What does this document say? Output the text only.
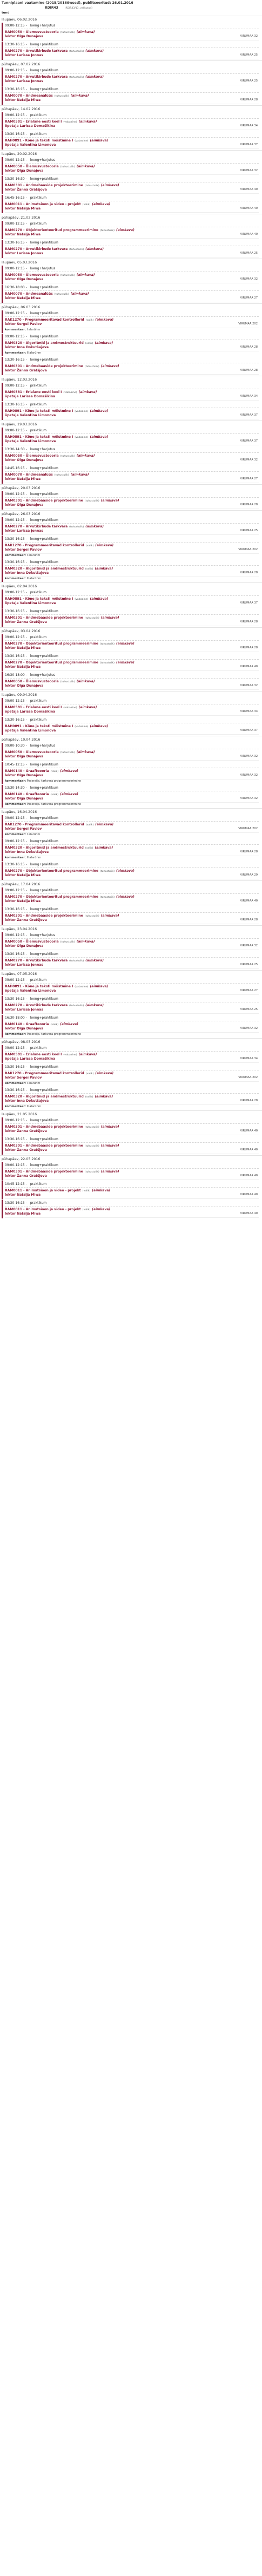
Tunniplaani vaatamine (2015/2016õwsed), publitseeritud: 26.01.2016
RDIR43	(RDIR43/13, valikutud)
tund
laupäev, 06.02.2016
09:00-12:15 - loeng+harjutus
RAM0050 - Ülemusvusteooria (tuhustulik) (aimkava)
lektor Olga Dunajeva	VIRUMAA 32
13:30-16:15 - loeng+praktikum
RAM0270 - Arvutikirbude tarkvara (tuhustulik) (aimkava)
lektor Larissa Jonnas	VIRUMAA 25
pühapäev, 07.02.2016
09:00-12:15 - loeng+praktikum
RAM0270 - Arvutikirbude tarkvara (tuhustulik) (aimkava)
lektor Larissa Jonnas	VIRUMAA 25
13:30-16:15 - loeng+praktikum
RAM0070 - Andmeanalüüs (tuhustulik) (aimkava)
lektor Natalja Miwa	VIRUMAA 28
pühapäev, 14.02.2016
09:00-12:15 - praktikum
RAM0581 - Erialane eesti keel I (vabaaine) (aimkava)
õpetaja Larissa Domašikina	VIRUMAA 34
13:30-16:15 - praktikum
RAH0891 - Kõne ja teksti mõistmine I (vabaaine) (aimkava)
õpetaja Valentina Limonova	VIRUMAA 37
laupäev, 20.02.2016
09:00-12:15 - loeng+harjutus
RAM0050 - Ülemusvusteooria (tuhustulik) (aimkava)
lektor Olga Dunajeva	VIRUMAA 32
13:30-16:30 - loeng+praktikum
RAM0301 - Andmebaaside projekteerimine (tuhustulik) (aimkava)
lektor Žanna Gratšjova	VIRUMAA 40
16:45-16:15 - praktikum
RAM0011 - Animatsioon ja video - projekt (valik) (aimkava)
lektor Natalja Miwa	VIRUMAA 40
pühapäev, 21.02.2016
09:00-12:15 - praktikum
RAM0270 - Objektorienteeritud programmeerimine (tuhustulik) (aimkava)
lektor Natalja Miwa	VIRUMAA 40
13:30-16:15 - loeng+praktikum
RAM0270 - Arvutikirbude tarkvara (tuhustulik) (aimkava)
lektor Larissa Jonnas	VIRUMAA 25
laupäev, 05.03.2016
09:00-12:15 - loeng+harjutus
RAM0050 - Ülemusvusteooria (tuhustulik) (aimkava)
lektor Olga Dunajeva	VIRUMAA 32
16:30-18:00 - loeng+praktikum
RAM0070 - Andmeanalüüs (tuhustulik) (aimkava)
lektor Natalja Miwa	VIRUMAA 27
pühapäev, 06.03.2016
09:00-12:15 - loeng+praktikum
RAK1270 - Programmeeritavad kontrollerid (valik) (aimkava)
lektor Sergei Pavlov	VIRUMAA 202
kommentaar: I alarühm
09:00-12:15 - loeng+praktikum
RAM0320 - Algoritmid ja andmestruktuurid (valik) (aimkava)
lektor Inna Dokutšajeva	VIRUMAA 28
kommentaar: II alarühm
13:30-16:15 - loeng+praktikum
RAM0301 - Andmebaaside projekteerimine (tuhustulik) (aimkava)
lektor Žanna Gratšjova	VIRUMAA 28
laupäev, 12.03.2016
09:00-12:15 - praktikum
RAM0581 - Erialane eesti keel I (vabaaine) (aimkava)
õpetaja Larissa Domašikina	VIRUMAA 34
13:30-16:15 - praktikum
RAH0891 - Kõne ja teksti mõistmine I (vabaaine) (aimkava)
õpetaja Valentina Limonova	VIRUMAA 37
laupäev, 19.03.2016
09:00-12:15 - praktikum
RAH0891 - Kõne ja teksti mõistmine I (vabaaine) (aimkava)
õpetaja Valentina Limonova	VIRUMAA 37
13:30-14:30 - loeng+harjutus
RAM0050 - Ülemusvusteooria (tuhustulik) (aimkava)
lektor Olga Dunajeva	VIRUMAA 32
14:45-16:15 - loeng+praktikum
RAM0070 - Andmeanalüüs (tuhustulik) (aimkava)
lektor Natalja Miwa	VIRUMAA 27
pühapäev, 20.03.2016
09:00-12:15 - loeng+praktikum
RAM0301 - Andmebaaside projekteerimine (tuhustulik) (aimkava)
lektor Olga Dunajeva	VIRUMAA 28
pühapäev, 26.03.2016
09:00-12:15 - loeng+praktikum
RAM0270 - Arvutikirbude tarkvara (tuhustulik) (aimkava)
lektor Larissa Jonnas	VIRUMAA 25
13:30-16:15 - loeng+praktikum
RAK1270 - Programmeeritavad kontrollerid (valik) (aimkava)
lektor Sergei Pavlov	VIRUMAA 202
kommentaar: I alarühm
13:30-16:15 - loeng+praktikum
RAM0320 - Algoritmid ja andmestruktuurid (valik) (aimkava)
lektor Inna Dokutšajeva	VIRUMAA 28
kommentaar: II alarühm
laupäev, 02.04.2016
09:00-12:15 - praktikum
RAH0891 - Kõne ja teksti mõistmine I (vabaaine) (aimkava)
õpetaja Valentina Limonova	VIRUMAA 37
13:30-16:15 - loeng+praktikum
RAM0301 - Andmebaaside projekteerimine (tuhustulik) (aimkava)
lektor Žanna Gratšjova	VIRUMAA 28
pühapäev, 03.04.2016
09:00-12:15 - praktikum
RAM0270 - Objektorienteeritud programmeerimine (tuhustulik) (aimkava)
lektor Natalja Miwa	VIRUMAA 28
13:30-16:15 - loeng+praktikum
RAM0270 - Objektorienteeritud programmeerimine (tuhustulik) (aimkava)
lektor Natalja Miwa	VIRUMAA 40
16:30-18:00 - loeng+harjutus
RAM0050 - Ülemusvusteooria (tuhustulik) (aimkava)
lektor Olga Dunajeva	VIRUMAA 32
laupäev, 09.04.2016
09:00-12:15 - praktikum
RAM0581 - Erialane eesti keel I (vabaaine) (aimkava)
õpetaja Larissa Domašikina	VIRUMAA 34
13:30-16:15 - praktikum
RAH0891 - Kõne ja teksti mõistmine I (vabaaine) (aimkava)
õpetaja Valentina Limonova	VIRUMAA 37
pühapäev, 10.04.2016
09:00-10:30 - loeng+harjutus
RAM0050 - Ülemusvusteooria (tuhustulik) (aimkava)
lektor Olga Dunajeva	VIRUMAA 32
10:45-12:15 - loeng+praktikum
RAM0140 - Graafteooria (valik) (aimkava)
lektor Olga Dunajeva	VIRUMAA 32
kommentaar: Paseraija. tarkvara programmeerimine
13:30-14:30 - loeng+praktikum
RAM0140 - Graafteooria (valik) (aimkava)
lektor Olga Dunajeva	VIRUMAA 32
kommentaar: Paseraija. tarkvara programmeerimine
laupäev, 16.04.2016
09:00-12:15 - loeng+praktikum
RAK1270 - Programmeeritavad kontrollerid (valik) (aimkava)
lektor Sergei Pavlov	VIRUMAA 202
kommentaar: I alarühm
09:00-12:15 - loeng+praktikum
RAM0320 - Algoritmid ja andmestruktuurid (valik) (aimkava)
lektor Inna Dokutšajeva	VIRUMAA 28
kommentaar: II alarühm
13:30-16:15 - loeng+praktikum
RAM0270 - Objektorienteeritud programmeerimine (tuhustulik) (aimkava)
lektor Natalja Miwa	VIRUMAA 29
pühapäev, 17.04.2016
09:00-12:15 - loeng+praktikum
RAM0270 - Objektorienteeritud programmeerimine (tuhustulik) (aimkava)
lektor Natalja Miwa	VIRUMAA 40
13:30-16:15 - loeng+praktikum
RAM0301 - Andmebaaside projekteerimine (tuhustulik) (aimkava)
lektor Žanna Gratšjova	VIRUMAA 28
laupäev, 23.04.2016
09:00-12:15 - loeng+harjutus
RAM0050 - Ülemusvusteooria (tuhustulik) (aimkava)
lektor Olga Dunajeva	VIRUMAA 32
13:30-16:15 - loeng+praktikum
RAM0270 - Arvutikirbude tarkvara (tuhustulik) (aimkava)
lektor Larissa Jonnas	VIRUMAA 25
laupäev, 07.05.2016
09:00-12:15 - praktikum
RAH0891 - Kõne ja teksti mõistmine I (vabaaine) (aimkava)
õpetaja Valentina Limonova	VIRUMAA 27
13:30-16:15 - loeng+praktikum
RAM0270 - Arvutikirbude tarkvara (tuhustulik) (aimkava)
lektor Larissa Jonnas	VIRUMAA 25
16:30-18:00 - loeng+praktikum
RAM0140 - Graafteooria (valik) (aimkava)
lektor Olga Dunajeva	VIRUMAA 32
kommentaar: Paseraija. tarkvara programmeerimine
pühapäev, 08.05.2016
09:00-12:15 - praktikum
RAM0581 - Erialane eesti keel I (vabaaine) (aimkava)
õpetaja Larissa Domašikina	VIRUMAA 34
13:30-16:15 - loeng+praktikum
RAK1270 - Programmeeritavad kontrollerid (valik) (aimkava)
lektor Sergei Pavlov	VIRUMAA 202
kommentaar: I alarühm
13:30-16:15 - loeng+praktikum
RAM0320 - Algoritmid ja andmestruktuurid (valik) (aimkava)
lektor Inna Dokutšajeva	VIRUMAA 28
kommentaar: II alarühm
laupäev, 21.05.2016
09:00-12:15 - loeng+praktikum
RAM0301 - Andmebaaside projekteerimine (tuhustulik) (aimkava)
lektor Žanna Gratšjova	VIRUMAA 40
13:30-16:15 - loeng+praktikum
RAM0301 - Andmebaaside projekteerimine (tuhustulik) (aimkava)
lektor Žanna Gratšjova	VIRUMAA 40
pühapäev, 22.05.2016
09:00-12:15 - loeng+praktikum
RAM0301 - Andmebaaside projekteerimine (tuhustulik) (aimkava)
lektor Žanna Gratšjova	VIRUMAA 40
10:45-12:15 - praktikum
RAM0011 - Animatsioon ja video - projekt (valik) (aimkava)
lektor Natalja Miwa	VIRUMAA 40
13:30-16:15 - praktikum
RAM0011 - Animatsioon ja video - projekt (valik) (aimkava)
lektor Natalja Miwa	VIRUMAA 40
